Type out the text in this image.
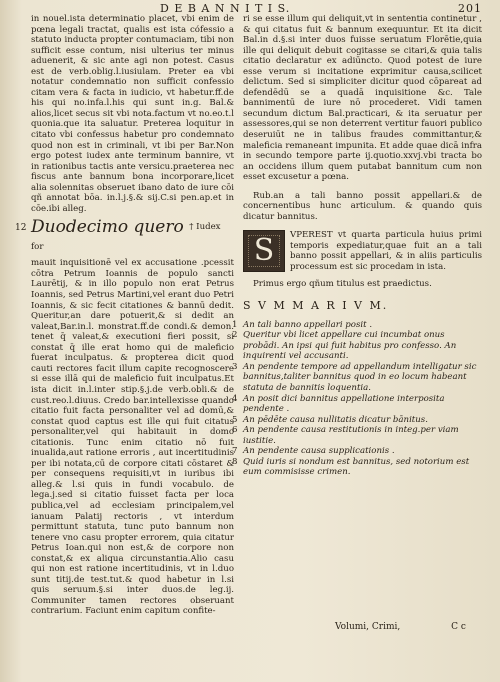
D E B A N N I T I S.	201

in nouel.ista determinatio placet, vbi enim de pœna legali tractat, qualis est ista cófessio a statuto inducta propter contumaciam, tibi non sufficit esse contum, nisi ulterius ter minus aduenerit, & sic ante agi non potest. Casus est de verb.oblig.l.iusiulam. Preter ea vbi notatur condemnatio non sufficit confessio citam vera & facta in iudicio, vt habetur.ff.de his qui no.infa.l.his qui sunt in.g. Bal.& alios,licet secus sit vbi nota.factum vt no.eo.t.l quonia.que ita saluatur. Preterea loquitur in citato vbi confessus habetur pro condemnato quod non est in criminali, vt ibi per Bar.Non ergo potest iudex ante terminum bannire, vt in rationibus tactis ante versicu.praeterea nec fiscus ante bannum bona incorporare,licet alia solennitas obseruet ibano dato de iure cōi qñ annotat bōa. in.l.j.§.& sij.C.si pen.ap.et in cōe.ibi alleg.

12 Duodecimo quero $^{\dagger Iudex for}$

mauit inquisitionē vel ex accusatione .pcessit cōtra Petrum Ioannis de populo sancti Laurētij, & in illo populo non erat Petrus Ioannis, sed Petrus Martini,vel erant duo Petri Ioannis, & sic fecit citationes & bannū dedit. Queritur,an dare potuerit,& si dedit an valeat,Bar.in.l. monstrat.ff.de condi.& demon. tenet q̄ valeat,& executioni fieri possit, si constat q̄ ille erat homo qui de maleficio fuerat inculpatus. & propterea dicit quod cauti rectores facit illum capite recognoscere si esse illā qui de maleficio fuit inculpatus.Et ista dicit in.l.inter stip.§.j.de verb.obli.& de cust.reo.l.diuus. Credo bar.intellexisse quando citatio fuit facta personaliter vel ad domū,& constat quod captus est ille qui fuit citatus personaliter,vel qui habitauit in domo citationis. Tunc enim citatio nō fuit inualida,aut ratione erroris , aut incertitudinis per ibi notata,cū de corpore citati cōstaret & per consequens requisiti,vt in iuribus ibi alleg.& l.si quis in fundi vocabulo. de lega.j.sed si citatio fuisset facta per loca publica,vel ad ecclesiam principalem,vel ianuam Palatij rectoris , vt interdum permittunt statuta, tunc puto bannum non tenere vno casu propter errorem, quia citatur Petrus Ioan.qui non est,& de corpore non constat,& ex aliqua circunstantia.Alio casu qui non est ratione incertitudinis, vt in l.duo sunt titij.de test.tut.& quod habetur in l.si quis seruum.§.si inter duos.de leg.ij. Communiter tamen rectores obseruant contrarium. Faciunt enim capitum confite-

ri se esse illum qui deliquit,vt in sententia continetur , & qui citatus fuit & bannum exequuntur. Et ita dicit Bal.in d.§.si inter duos fuisse seruatum Florētie,quia ille qui deliquit debuit cogitasse se citari,& quia talis citatio declaratur ex adiūncto. Quod potest de iure esse verum si incitatione exprimitur causa,scilicet delictum. Sed si simpliciter dicitur quod cōpareat ad defendēdū se a quadā inquisitione &c. Tale bannimentū de iure nō procederet. Vidi tamen secundum dictum Bal.practicari, & ita seruatur per assessores,qui se non deterrent vertitur fauori publico deseruiūt ne in talibus fraudes committantur,& maleficia remaneant impunita. Et adde quae dicā infra in secundo tempore parte ij.quotio.xxvj.vbi tracta bo an occidens illum quem putabat bannitum cum non esset excusetur a pœna.

Rub.an a tali banno possit appellari.& de concernentibus hunc articulum. & quando quis dicatur bannitus.

S VPEREST vt quarta particula huius primi temporis expediatur,quae fuit an a tali banno possit appellari, & in aliis particulis processum est sic procedam in ista.

Primus ergo qñum titulus est praedictus.

S V M M A R I V M.

1 An tali banno appellari posit .
2 Queritur vbi licet appellare cui incumbat onus probādi. An ipsi qui fuit habitus pro confesso. An inquirenti vel accusanti.
3 An pendente tempore ad appellandum intelligatur sic bannitus,taliter bannitus quod in eo locum habeant statuta de bannitis loquentia.
4 An posit dici bannitus appellatione interposita pendente .
5 An pēdēte causa nullitatis dicatur bānitus.
6 An pendente causa restitutionis in integ.per viam iustitie.
7 An pendente causa supplicationis .
8 Quid iuris si nondum est bannitus, sed notorium est eum commisisse crimen.
Volumi, Crimi,	C c
